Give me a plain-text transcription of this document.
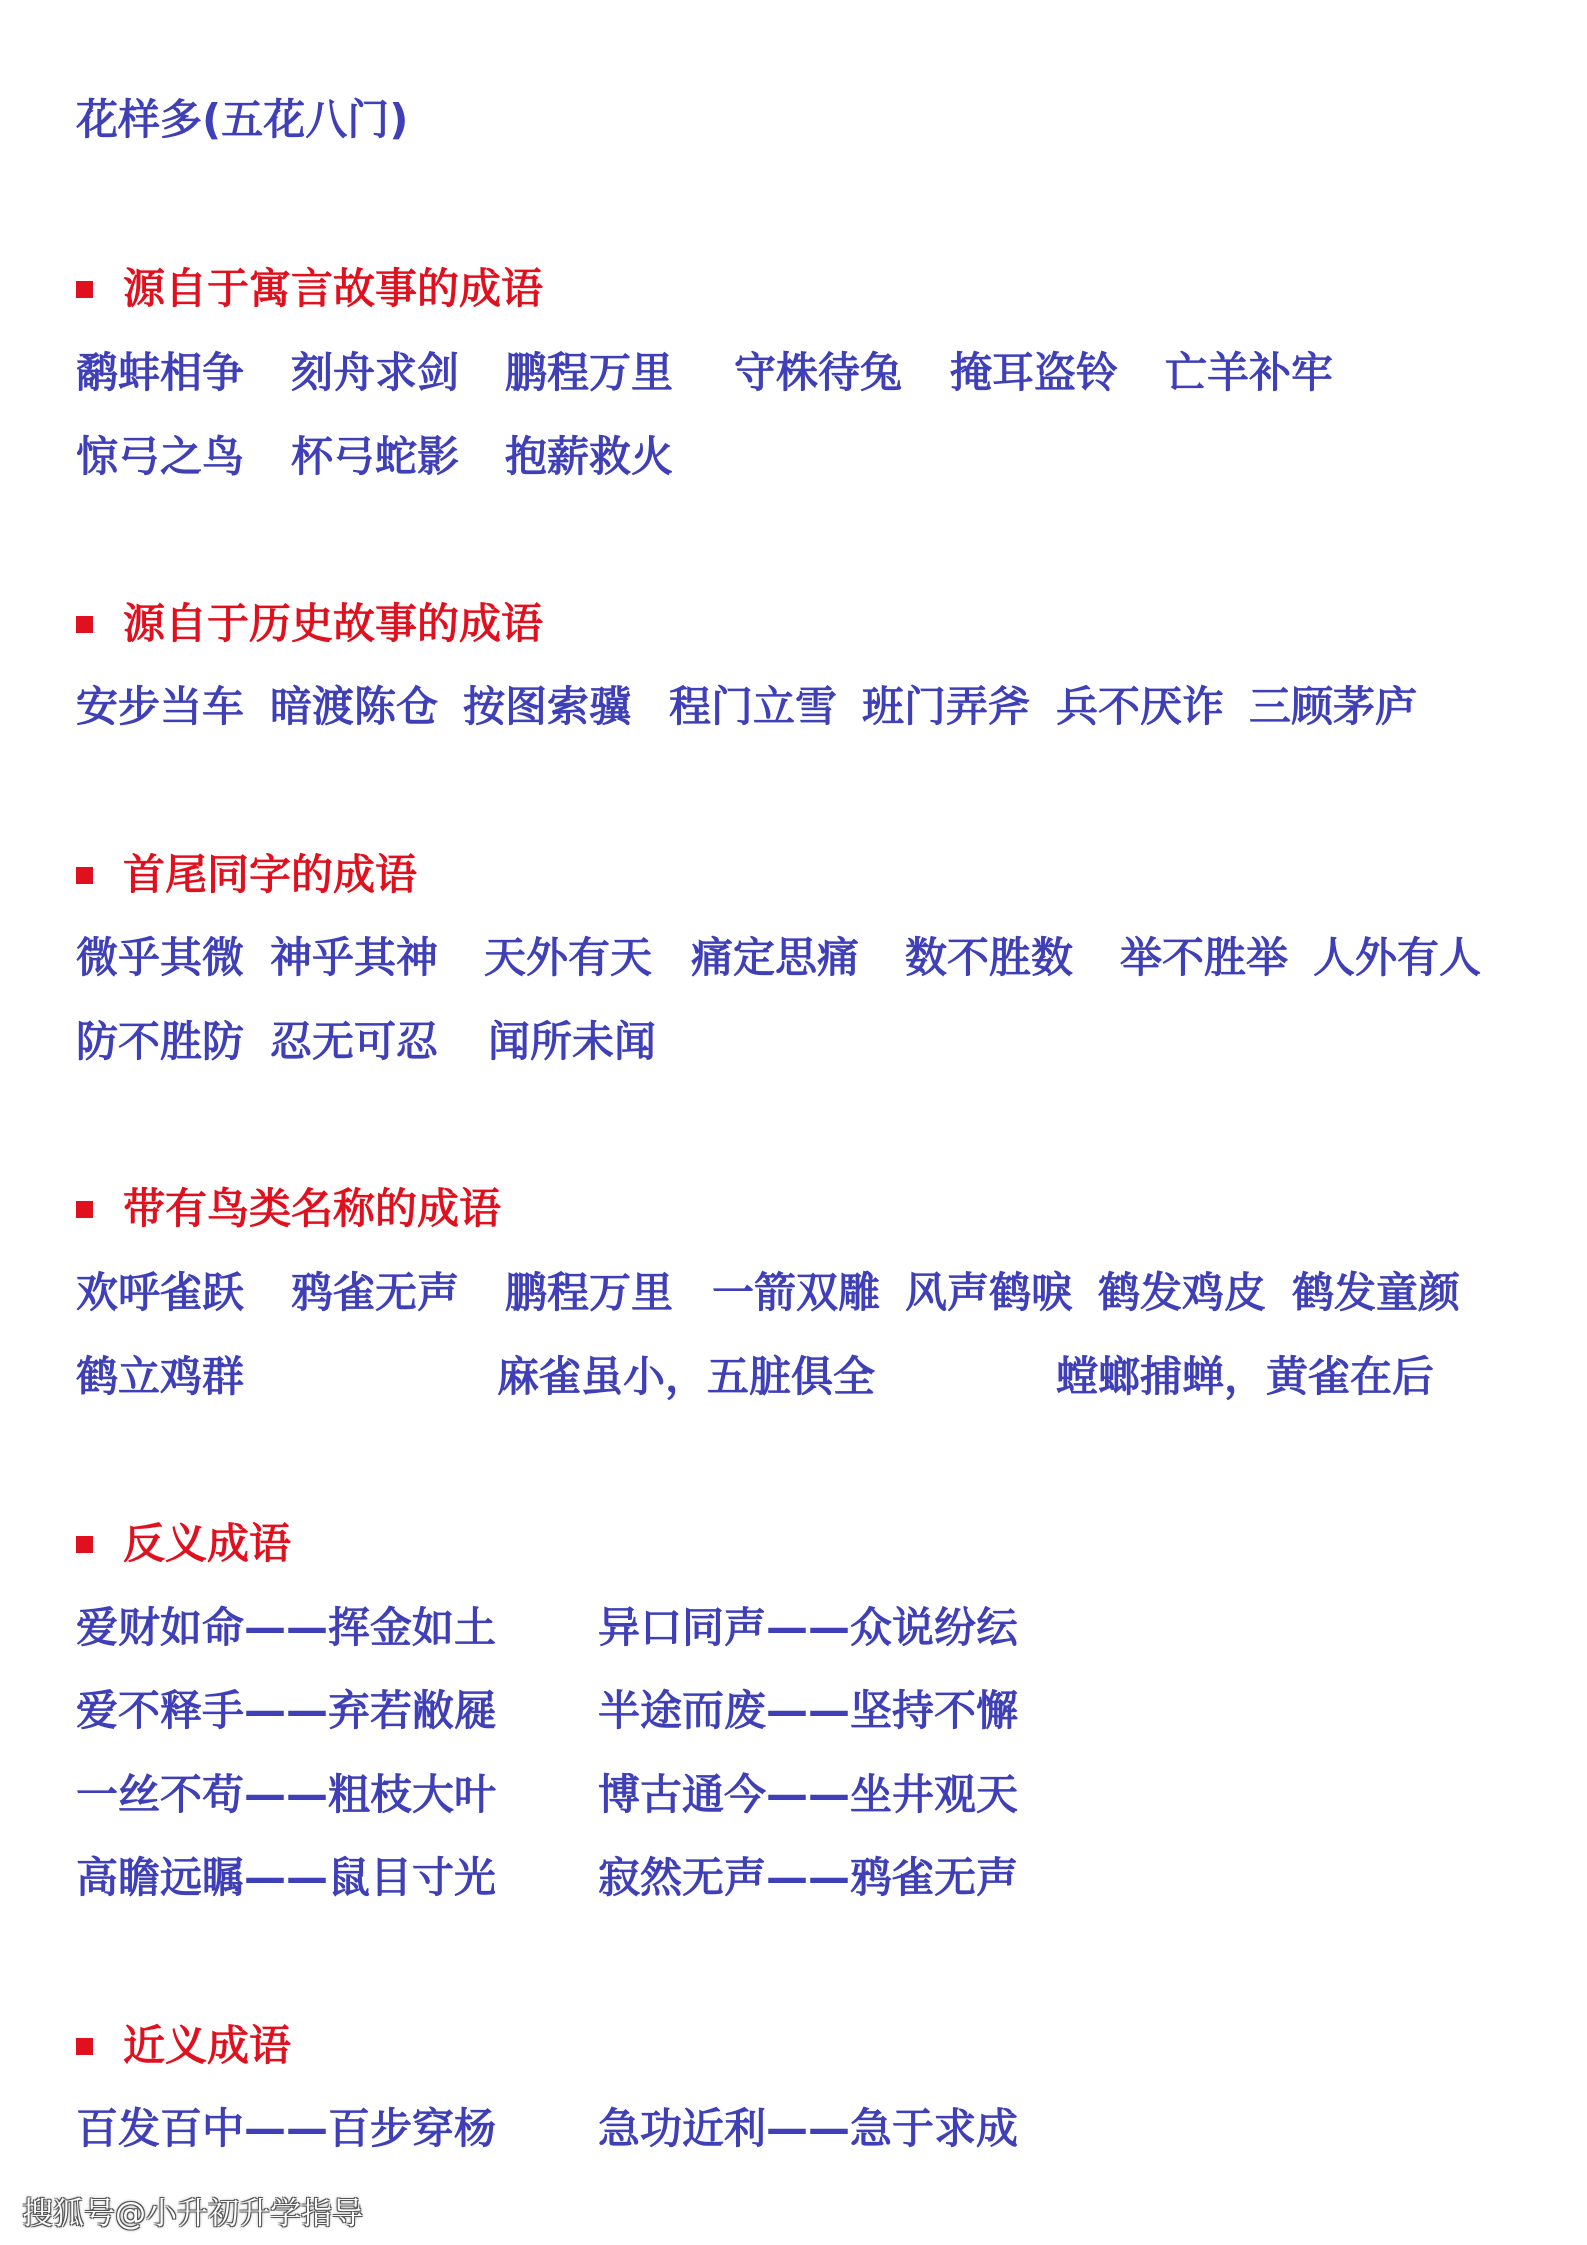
花样多(五花八门)
源自于寓言故事的成语
鹬蚌相争 刻舟求剑 鹏程万里 守株待兔 掩耳盗铃 亡羊补牢
惊弓之鸟 杯弓蛇影 抱薪救火
源自于历史故事的成语
安步当车 暗渡陈仓 按图索骥 程门立雪 班门弄斧 兵不厌诈 三顾茅庐
首尾同字的成语
微乎其微 神乎其神 天外有天 痛定思痛 数不胜数 举不胜举 人外有人
防不胜防 忍无可忍 闻所未闻
带有鸟类名称的成语
欢呼雀跃 鸦雀无声 鹏程万里 一箭双雕 风声鹤唳 鹤发鸡皮 鹤发童颜
鹤立鸡群	麻雀虽小，五脏俱全	螳螂捕蝉，黄雀在后
反义成语
爱财如命——挥金如土 异口同声——众说纷纭
爱不释手——弃若敝屣 半途而废——坚持不懈
一丝不苟——粗枝大叶 博古通今——坐井观天
高瞻远瞩——鼠目寸光 寂然无声——鸦雀无声
近义成语
百发百中——百步穿杨 急功近利——急于求成
搜狐号@小升初升学指导
